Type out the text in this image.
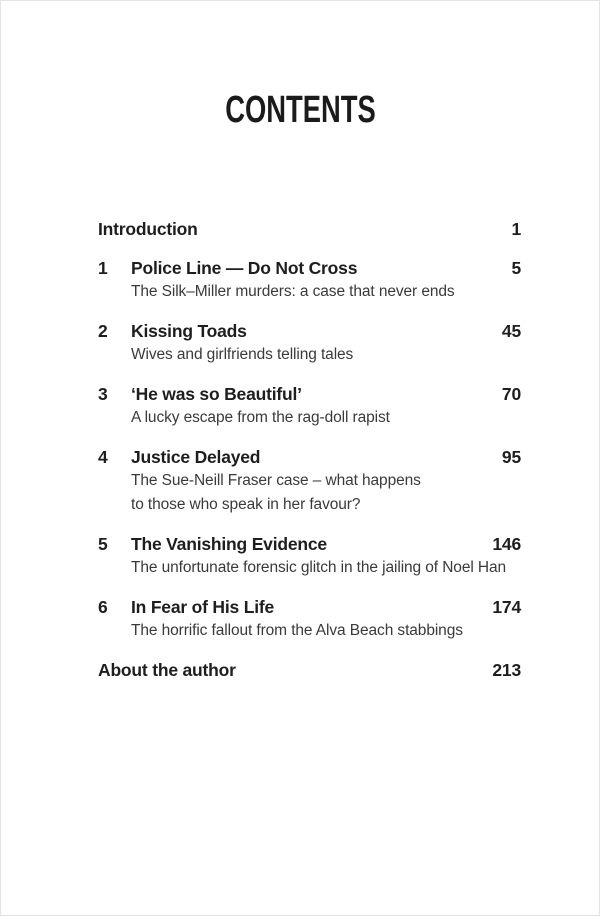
CONTENTS
Introduction	1
1	Police Line — Do Not Cross	5
The Silk–Miller murders: a case that never ends
2	Kissing Toads	45
Wives and girlfriends telling tales
3	‘He was so Beautiful’	70
A lucky escape from the rag-doll rapist
4	Justice Delayed	95
The Sue-Neill Fraser case – what happens
to those who speak in her favour?
5	The Vanishing Evidence	146
The unfortunate forensic glitch in the jailing of Noel Han
6	In Fear of His Life	174
The horrific fallout from the Alva Beach stabbings
About the author	213
